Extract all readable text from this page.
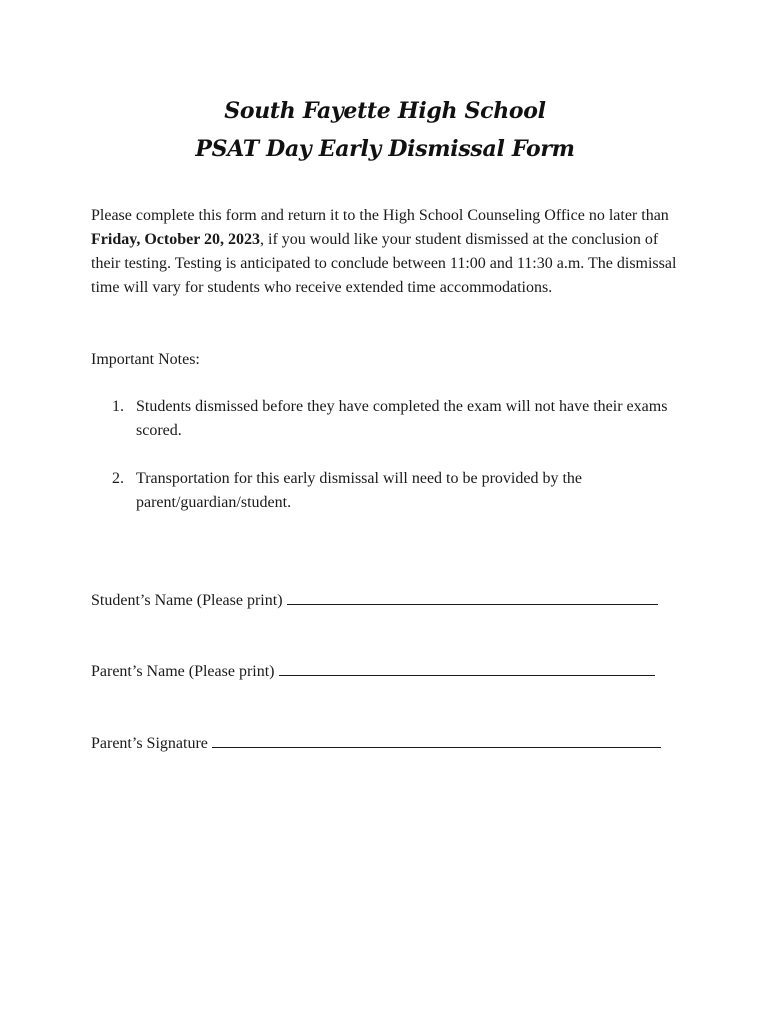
South Fayette High School
PSAT Day Early Dismissal Form
Please complete this form and return it to the High School Counseling Office no later than Friday, October 20, 2023, if you would like your student dismissed at the conclusion of their testing. Testing is anticipated to conclude between 11:00 and 11:30 a.m. The dismissal time will vary for students who receive extended time accommodations.
Important Notes:
1. Students dismissed before they have completed the exam will not have their exams scored.
2. Transportation for this early dismissal will need to be provided by the parent/guardian/student.
Student’s Name (Please print)
Parent’s Name (Please print)
Parent’s Signature
